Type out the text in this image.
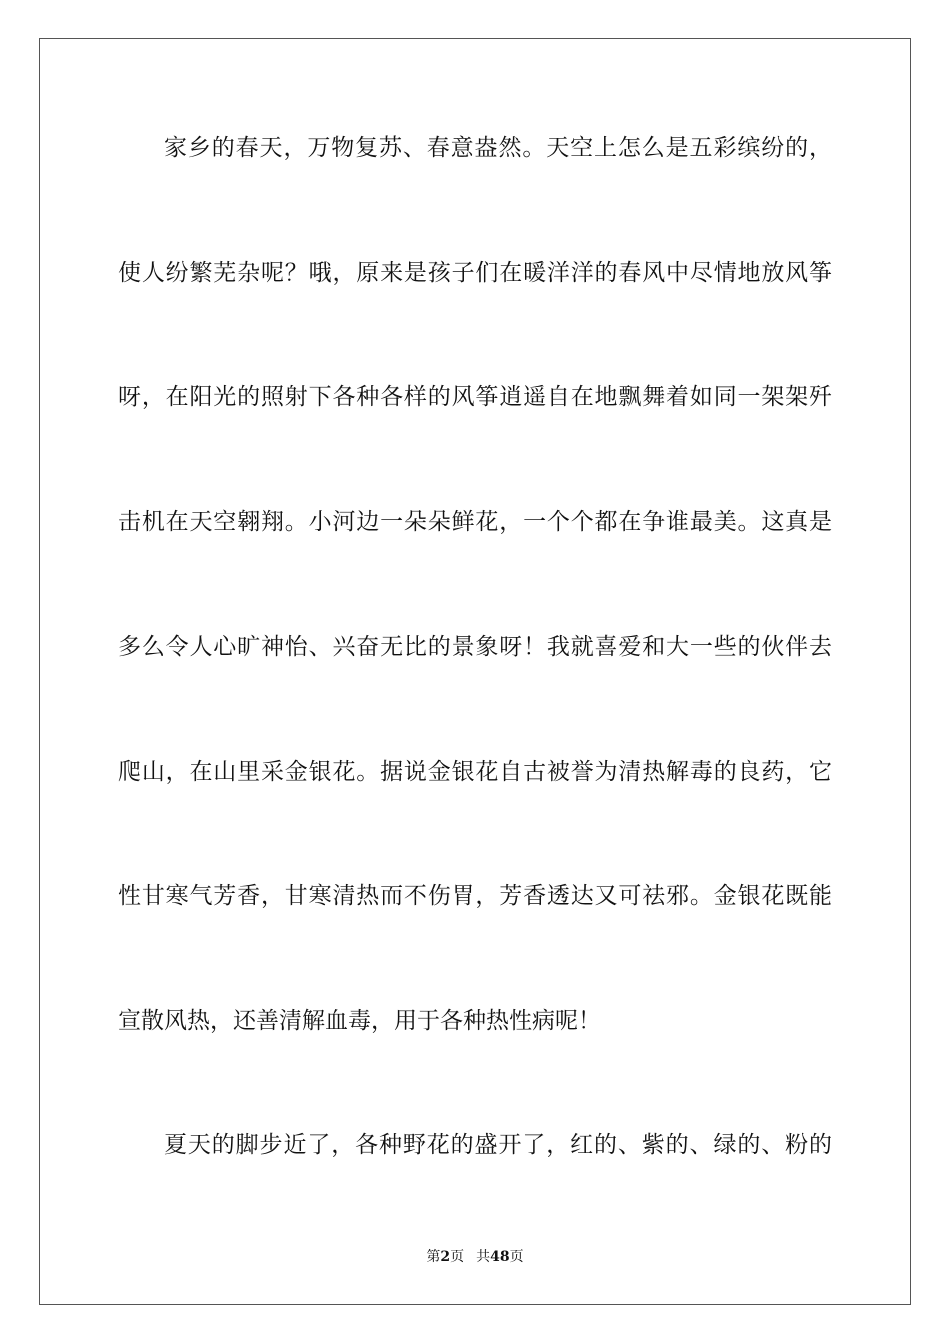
家乡的春天，万物复苏、春意盎然。天空上怎么是五彩缤纷的，
使人纷繁芜杂呢？哦，原来是孩子们在暖洋洋的春风中尽情地放风筝
呀，在阳光的照射下各种各样的风筝逍遥自在地飘舞着如同一架架歼
击机在天空翱翔。小河边一朵朵鲜花，一个个都在争谁最美。这真是
多么令人心旷神怡、兴奋无比的景象呀！我就喜爱和大一些的伙伴去
爬山，在山里采金银花。据说金银花自古被誉为清热解毒的良药，它
性甘寒气芳香，甘寒清热而不伤胃，芳香透达又可祛邪。金银花既能
宣散风热，还善清解血毒，用于各种热性病呢！
夏天的脚步近了，各种野花的盛开了，红的、紫的、绿的、粉的
第2页 共48页
